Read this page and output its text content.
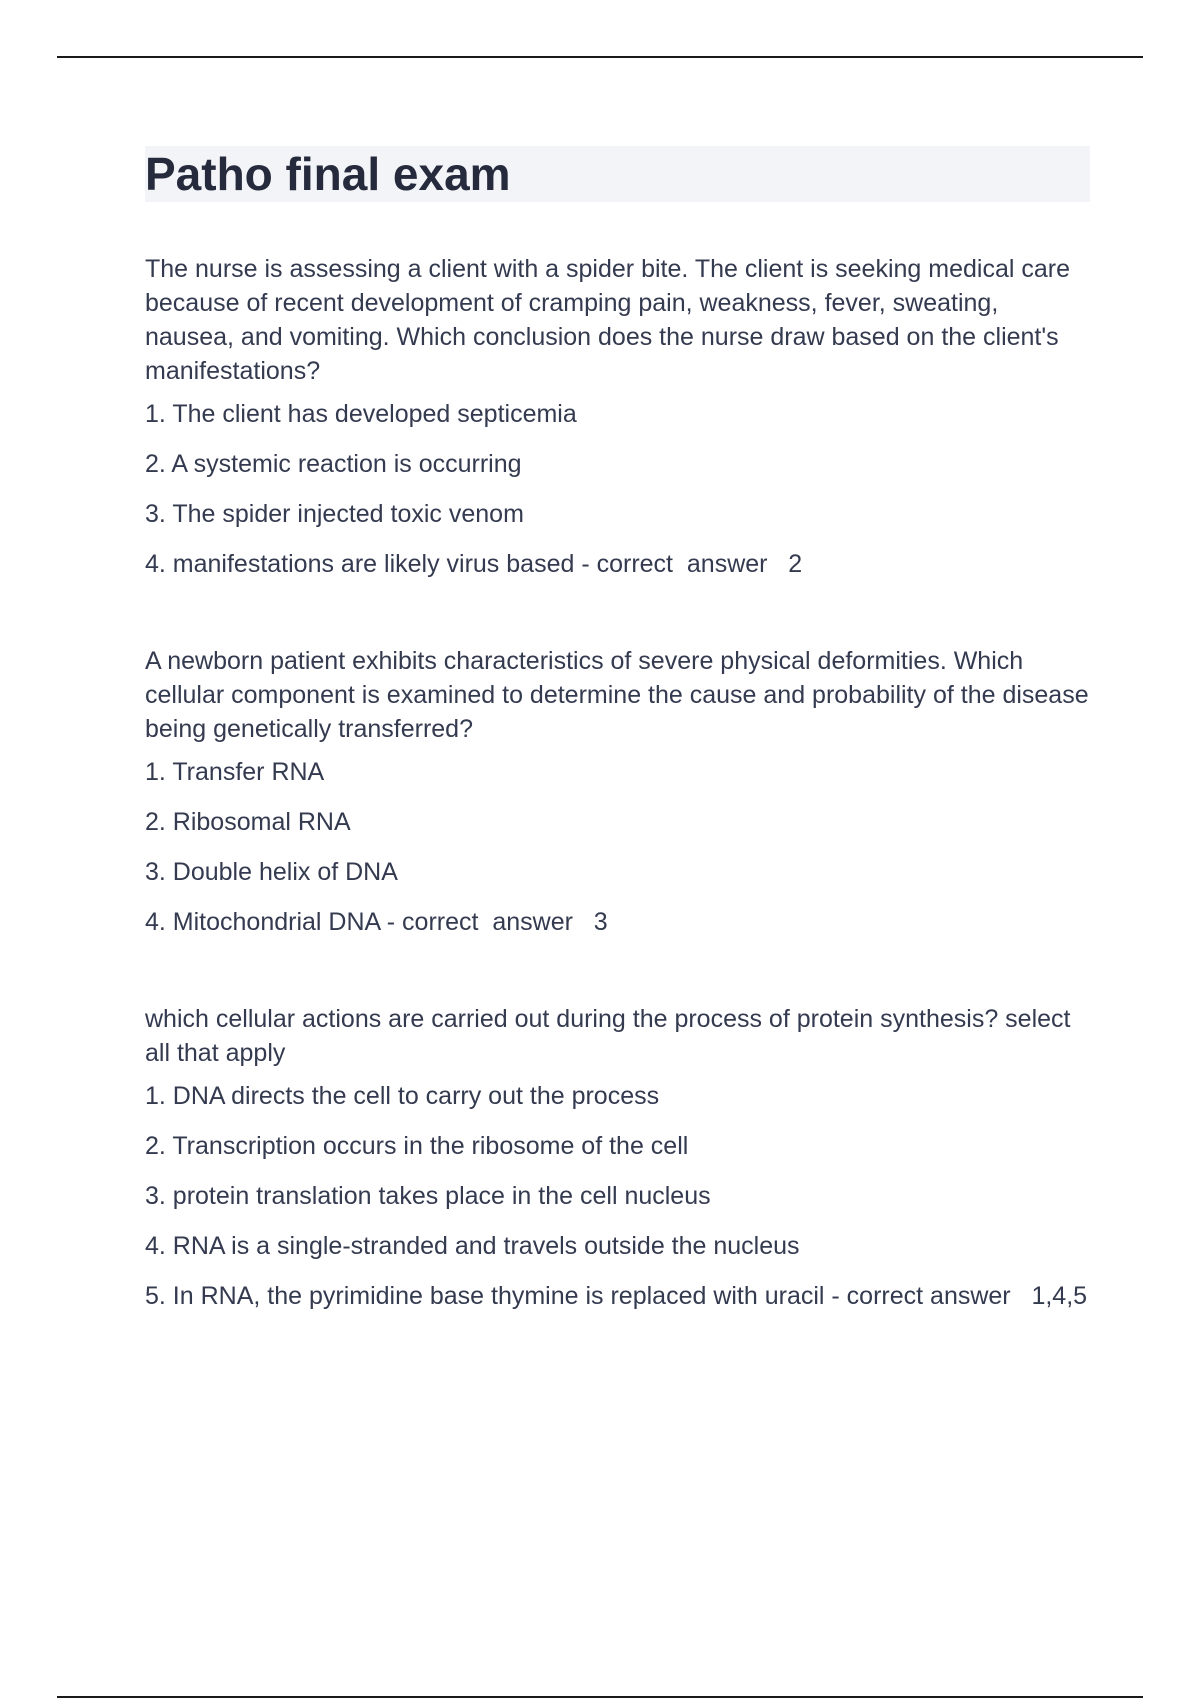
Patho final exam

The nurse is assessing a client with a spider bite. The client is seeking medical care because of recent development of cramping pain, weakness, fever, sweating, nausea, and vomiting. Which conclusion does the nurse draw based on the client's manifestations?

1. The client has developed septicemia

2. A systemic reaction is occurring

3. The spider injected toxic venom

4. manifestations are likely virus based - correct  answer   2

A newborn patient exhibits characteristics of severe physical deformities. Which cellular component is examined to determine the cause and probability of the disease being genetically transferred?

1. Transfer RNA

2. Ribosomal RNA

3. Double helix of DNA

4. Mitochondrial DNA - correct  answer   3

which cellular actions are carried out during the process of protein synthesis? select all that apply

1. DNA directs the cell to carry out the process

2. Transcription occurs in the ribosome of the cell

3. protein translation takes place in the cell nucleus

4. RNA is a single-stranded and travels outside the nucleus

5. In RNA, the pyrimidine base thymine is replaced with uracil - correct answer   1,4,5
